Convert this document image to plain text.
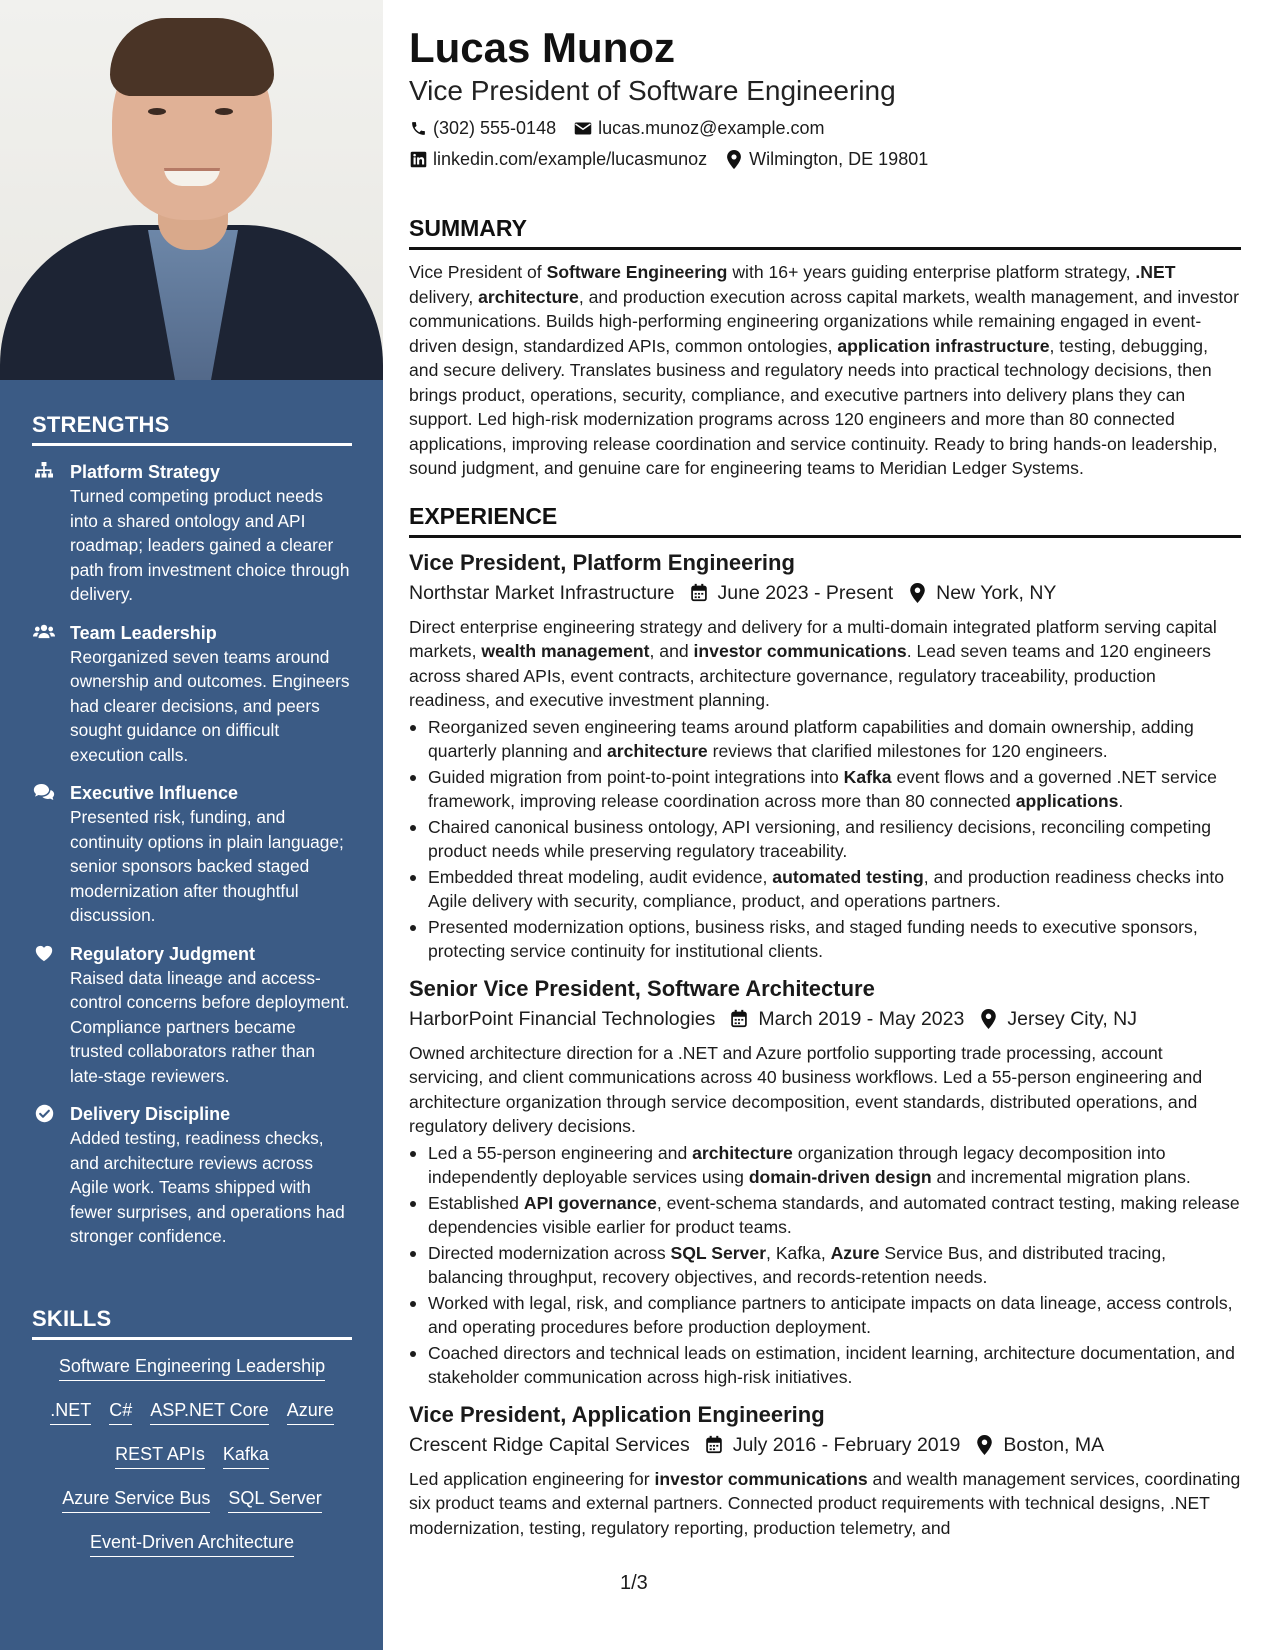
STRENGTHS
Platform Strategy
Turned competing product needs into a shared ontology and API roadmap; leaders gained a clearer path from investment choice through delivery.
Team Leadership
Reorganized seven teams around ownership and outcomes. Engineers had clearer decisions, and peers sought guidance on difficult execution calls.
Executive Influence
Presented risk, funding, and continuity options in plain language; senior sponsors backed staged modernization after thoughtful discussion.
Regulatory Judgment
Raised data lineage and access-control concerns before deployment. Compliance partners became trusted collaborators rather than late-stage reviewers.
Delivery Discipline
Added testing, readiness checks, and architecture reviews across Agile work. Teams shipped with fewer surprises, and operations had stronger confidence.
SKILLS
Software Engineering Leadership
.NET C# ASP.NET Core Azure
REST APIs Kafka
Azure Service Bus SQL Server
Event-Driven Architecture
Lucas Munoz
Vice President of Software Engineering
(302) 555-0148 lucas.munoz@example.com
linkedin.com/example/lucasmunoz Wilmington, DE 19801
SUMMARY
Vice President of Software Engineering with 16+ years guiding enterprise platform strategy, .NET delivery, architecture, and production execution across capital markets, wealth management, and investor communications. Builds high-performing engineering organizations while remaining engaged in event-driven design, standardized APIs, common ontologies, application infrastructure, testing, debugging, and secure delivery. Translates business and regulatory needs into practical technology decisions, then brings product, operations, security, compliance, and executive partners into delivery plans they can support. Led high-risk modernization programs across 120 engineers and more than 80 connected applications, improving release coordination and service continuity. Ready to bring hands-on leadership, sound judgment, and genuine care for engineering teams to Meridian Ledger Systems.
EXPERIENCE
Vice President, Platform Engineering
Northstar Market Infrastructure June 2023 - Present New York, NY
Direct enterprise engineering strategy and delivery for a multi-domain integrated platform serving capital markets, wealth management, and investor communications. Lead seven teams and 120 engineers across shared APIs, event contracts, architecture governance, regulatory traceability, production readiness, and executive investment planning.
Reorganized seven engineering teams around platform capabilities and domain ownership, adding quarterly planning and architecture reviews that clarified milestones for 120 engineers.
Guided migration from point-to-point integrations into Kafka event flows and a governed .NET service framework, improving release coordination across more than 80 connected applications.
Chaired canonical business ontology, API versioning, and resiliency decisions, reconciling competing product needs while preserving regulatory traceability.
Embedded threat modeling, audit evidence, automated testing, and production readiness checks into Agile delivery with security, compliance, product, and operations partners.
Presented modernization options, business risks, and staged funding needs to executive sponsors, protecting service continuity for institutional clients.
Senior Vice President, Software Architecture
HarborPoint Financial Technologies March 2019 - May 2023 Jersey City, NJ
Owned architecture direction for a .NET and Azure portfolio supporting trade processing, account servicing, and client communications across 40 business workflows. Led a 55-person engineering and architecture organization through service decomposition, event standards, distributed operations, and regulatory delivery decisions.
Led a 55-person engineering and architecture organization through legacy decomposition into independently deployable services using domain-driven design and incremental migration plans.
Established API governance, event-schema standards, and automated contract testing, making release dependencies visible earlier for product teams.
Directed modernization across SQL Server, Kafka, Azure Service Bus, and distributed tracing, balancing throughput, recovery objectives, and records-retention needs.
Worked with legal, risk, and compliance partners to anticipate impacts on data lineage, access controls, and operating procedures before production deployment.
Coached directors and technical leads on estimation, incident learning, architecture documentation, and stakeholder communication across high-risk initiatives.
Vice President, Application Engineering
Crescent Ridge Capital Services July 2016 - February 2019 Boston, MA
Led application engineering for investor communications and wealth management services, coordinating six product teams and external partners. Connected product requirements with technical designs, .NET modernization, testing, regulatory reporting, production telemetry, and
1/3
